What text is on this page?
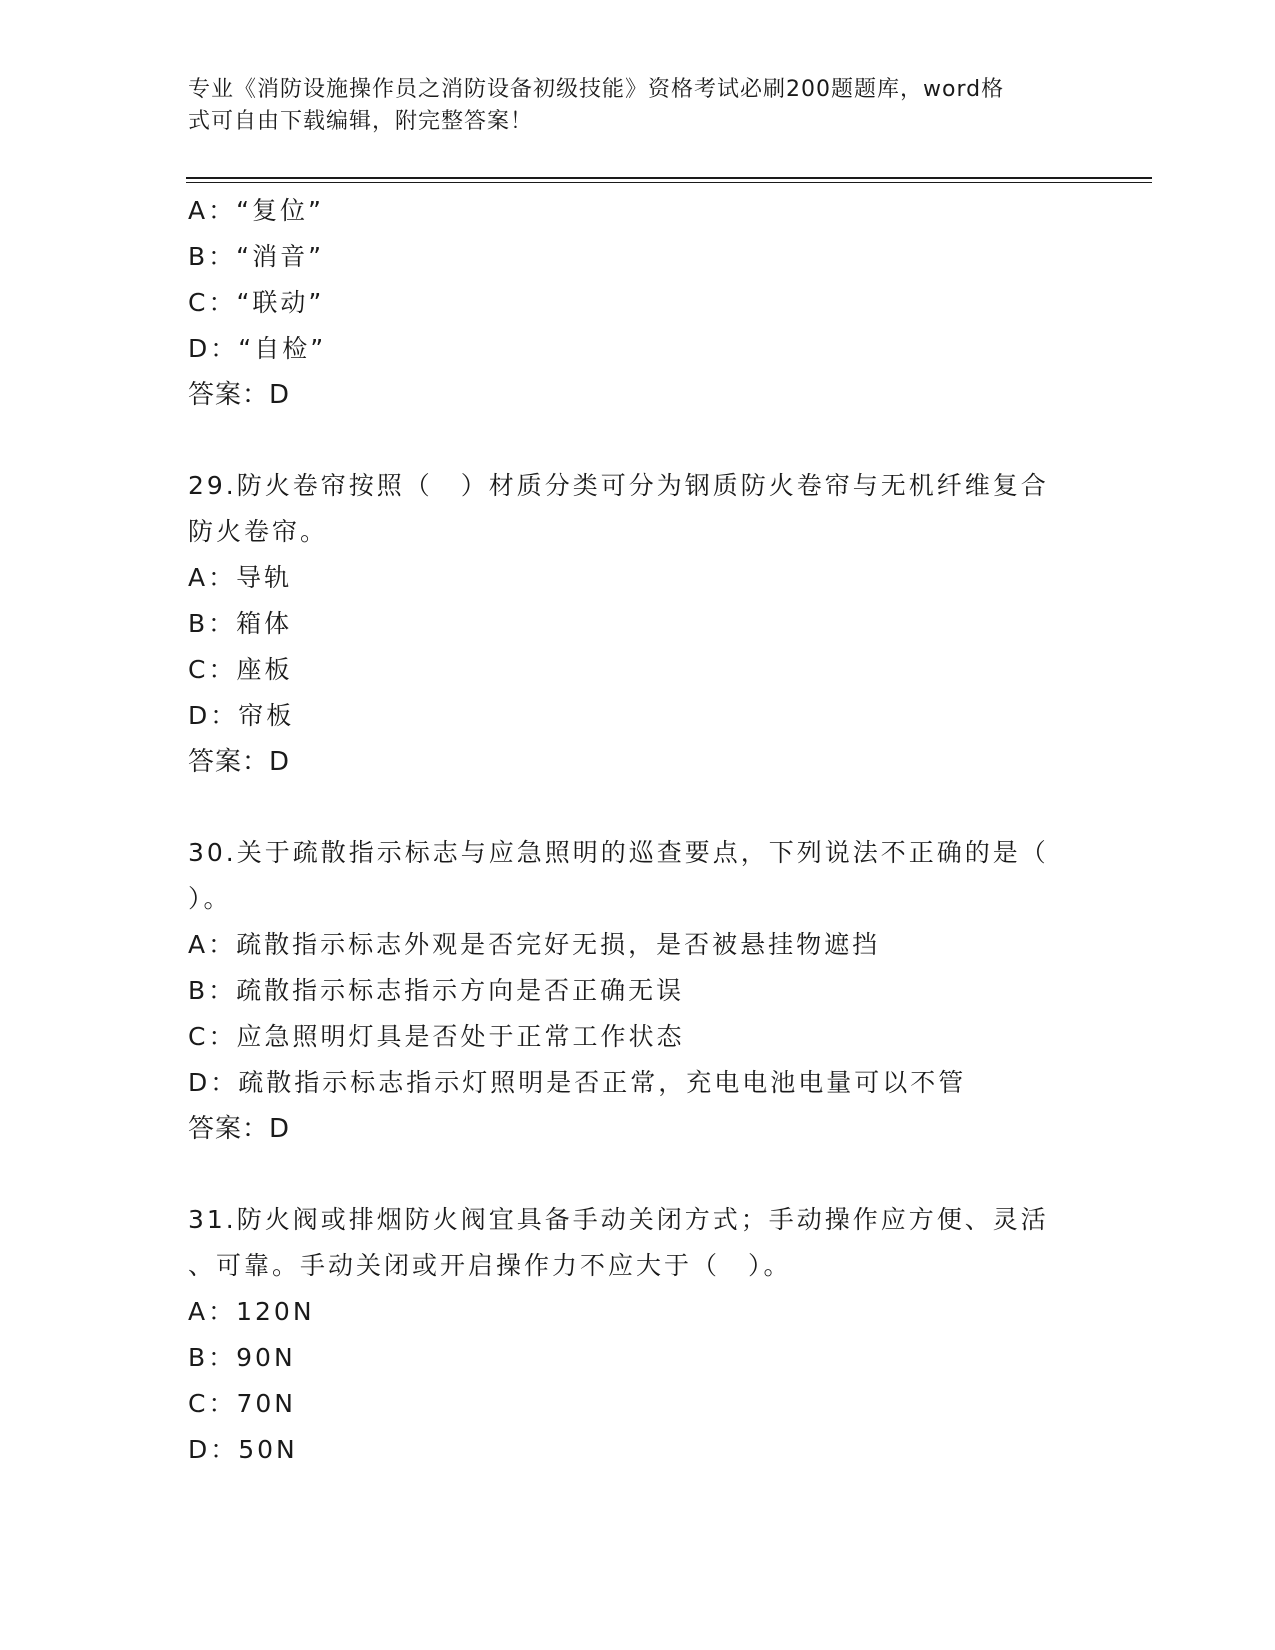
专业《消防设施操作员之消防设备初级技能》资格考试必刷200题题库，word格
式可自由下载编辑，附完整答案！
A：“复位”
B：“消音”
C：“联动”
D：“自检”
答案：D
29.防火卷帘按照（　）材质分类可分为钢质防火卷帘与无机纤维复合
防火卷帘。
A：导轨
B：箱体
C：座板
D：帘板
答案：D
30.关于疏散指示标志与应急照明的巡查要点，下列说法不正确的是（
）。
A：疏散指示标志外观是否完好无损，是否被悬挂物遮挡
B：疏散指示标志指示方向是否正确无误
C：应急照明灯具是否处于正常工作状态
D：疏散指示标志指示灯照明是否正常，充电电池电量可以不管
答案：D
31.防火阀或排烟防火阀宜具备手动关闭方式；手动操作应方便、灵活
、可靠。手动关闭或开启操作力不应大于（　）。
A：120N
B：90N
C：70N
D：50N
